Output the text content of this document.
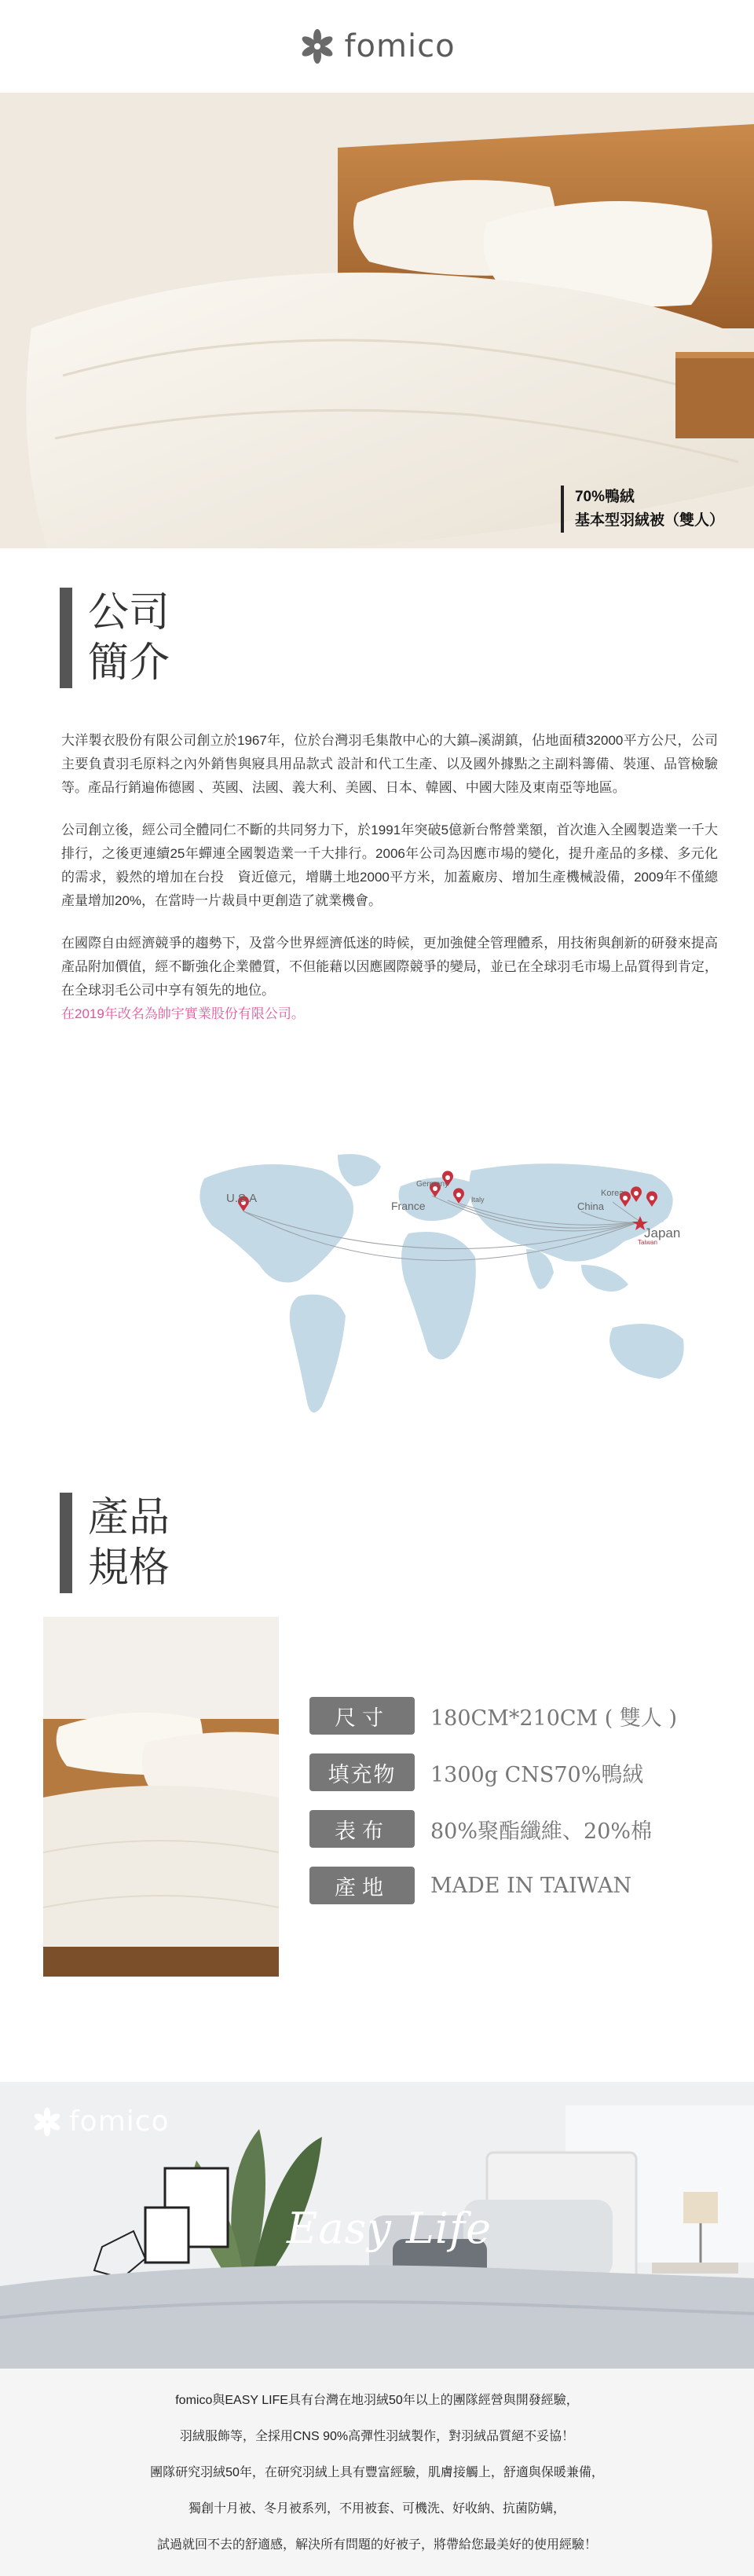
fomico
70%鴨絨
基本型羽絨被（雙人）
公司
簡介

大洋製衣股份有限公司創立於1967年，位於台灣羽毛集散中心的大鎮–溪湖鎮，佔地面積32000平方公尺，公司主要負責羽毛原料之內外銷售與寢具用品款式 設計和代工生產、以及國外據點之主副料籌備、裝運、品管檢驗等。產品行銷遍佈德國 、英國、法國、義大利、美國、日本、韓國、中國大陸及東南亞等地區。

公司創立後，經公司全體同仁不斷的共同努力下，於1991年突破5億新台幣營業額，首次進入全國製造業一千大排行，之後更連續25年蟬連全國製造業一千大排行。2006年公司為因應市場的變化，提升產品的多樣、多元化的需求，毅然的增加在台投　資近億元，增購土地2000平方米，加蓋廠房、增加生產機械設備，2009年不僅總產量增加20%，在當時一片裁員中更創造了就業機會。

在國際自由經濟競爭的趨勢下，及當今世界經濟低迷的時候，更加強健全管理體系，用技術與創新的研發來提高產品附加價值，經不斷強化企業體質，不但能藉以因應國際競爭的變局，並已在全球羽毛市場上品質得到肯定，在全球羽毛公司中享有領先的地位。

在2019年改名為帥宇實業股份有限公司。

U.S.A
Germany
France	Italy
China
Korea
Japan
Taiwan
產品
規格
尺寸	180CM*210CM ( 雙人 )
填充物	1300g CNS70%鴨絨
表布	80%聚酯纖維、20%棉
產地	MADE IN TAIWAN
fomico
Easy Life

fomico與EASY LIFE具有台灣在地羽絨50年以上的團隊經營與開發經驗，

羽絨服飾等，全採用CNS 90%高彈性羽絨製作，對羽絨品質絕不妥協！

團隊研究羽絨50年，在研究羽絨上具有豐富經驗，肌膚接觸上，舒適與保暖兼備，

獨創十月被、冬月被系列，不用被套、可機洗、好收納、抗菌防螨，

試過就回不去的舒適感，解決所有問題的好被子，將帶給您最美好的使用經驗！
